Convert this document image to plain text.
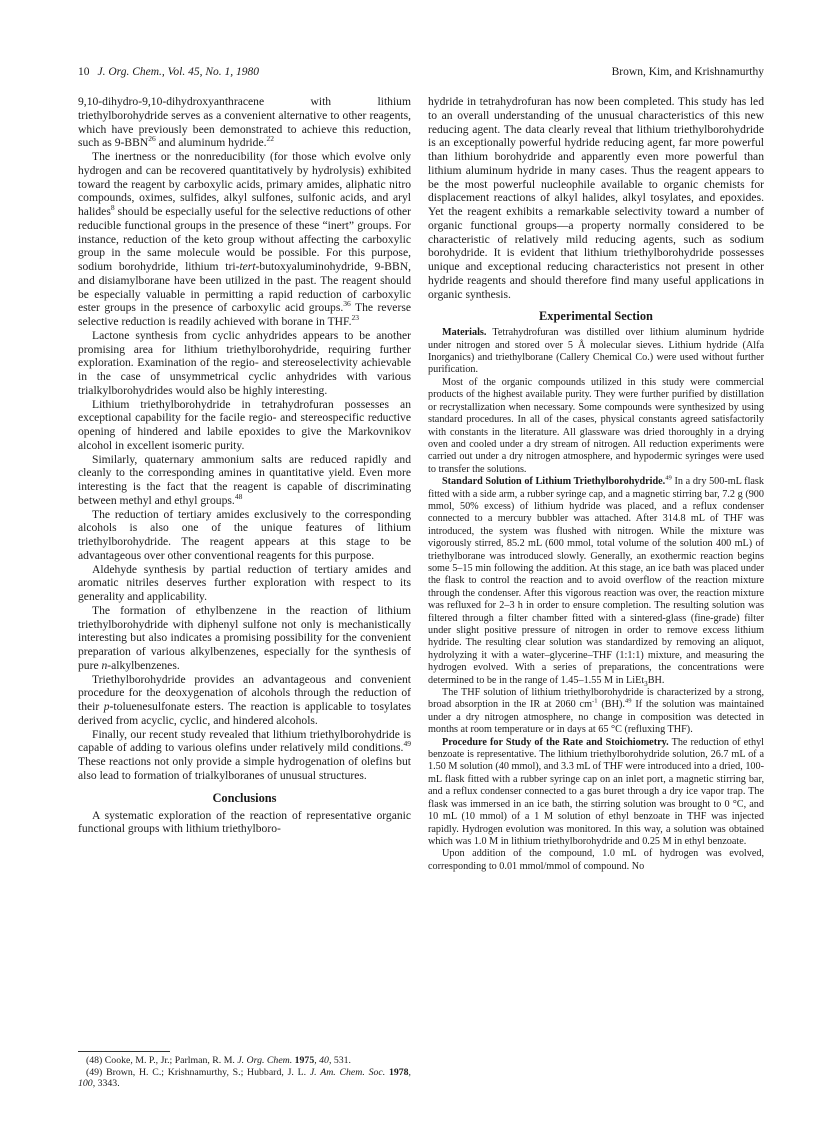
10 J. Org. Chem., Vol. 45, No. 1, 1980	Brown, Kim, and Krishnamurthy

9,10-dihydro-9,10-dihydroxyanthracene with lithium triethylborohydride serves as a convenient alternative to other reagents, which have previously been demonstrated to achieve this reduction, such as 9-BBN$^{26}$ and aluminum hydride.$^{22}$

The inertness or the nonreducibility (for those which evolve only hydrogen and can be recovered quantitatively by hydrolysis) exhibited toward the reagent by carboxylic acids, primary amides, aliphatic nitro compounds, oximes, sulfides, alkyl sulfones, sulfonic acids, and aryl halides$^8$ should be especially useful for the selective reductions of other reducible functional groups in the presence of these “inert” groups. For instance, reduction of the keto group without affecting the carboxylic group in the same molecule would be possible. For this purpose, sodium borohydride, lithium tri-tert-butoxyaluminohydride, 9-BBN, and disiamylborane have been utilized in the past. The reagent should be especially valuable in permitting a rapid reduction of carboxylic ester groups in the presence of carboxylic acid groups.$^{36}$ The reverse selective reduction is readily achieved with borane in THF.$^{23}$

Lactone synthesis from cyclic anhydrides appears to be another promising area for lithium triethylborohydride, requiring further exploration. Examination of the regio- and stereoselectivity achievable in the case of unsymmetrical cyclic anhydrides with various trialkylborohydrides would also be highly interesting.

Lithium triethylborohydride in tetrahydrofuran possesses an exceptional capability for the facile regio- and stereospecific reductive opening of hindered and labile epoxides to give the Markovnikov alcohol in excellent isomeric purity.

Similarly, quaternary ammonium salts are reduced rapidly and cleanly to the corresponding amines in quantitative yield. Even more interesting is the fact that the reagent is capable of discriminating between methyl and ethyl groups.$^{48}$

The reduction of tertiary amides exclusively to the corresponding alcohols is also one of the unique features of lithium triethylborohydride. The reagent appears at this stage to be advantageous over other conventional reagents for this purpose.

Aldehyde synthesis by partial reduction of tertiary amides and aromatic nitriles deserves further exploration with respect to its generality and applicability.

The formation of ethylbenzene in the reaction of lithium triethylborohydride with diphenyl sulfone not only is mechanistically interesting but also indicates a promising possibility for the convenient preparation of various alkylbenzenes, especially for the synthesis of pure n-alkylbenzenes.

Triethylborohydride provides an advantageous and convenient procedure for the deoxygenation of alcohols through the reduction of their p-toluenesulfonate esters. The reaction is applicable to tosylates derived from acyclic, cyclic, and hindered alcohols.

Finally, our recent study revealed that lithium triethylborohydride is capable of adding to various olefins under relatively mild conditions.$^{49}$ These reactions not only provide a simple hydrogenation of olefins but also lead to formation of trialkylboranes of unusual structures.

Conclusions

A systematic exploration of the reaction of representative organic functional groups with lithium triethylboro-

(48) Cooke, M. P., Jr.; Parlman, R. M. J. Org. Chem. 1975, 40, 531.

(49) Brown, H. C.; Krishnamurthy, S.; Hubbard, J. L. J. Am. Chem. Soc. 1978, 100, 3343.

hydride in tetrahydrofuran has now been completed. This study has led to an overall understanding of the unusual characteristics of this new reducing agent. The data clearly reveal that lithium triethylborohydride is an exceptionally powerful hydride reducing agent, far more powerful than lithium borohydride and apparently even more powerful than lithium aluminum hydride in many cases. Thus the reagent appears to be the most powerful nucleophile available to organic chemists for displacement reactions of alkyl halides, alkyl tosylates, and epoxides. Yet the reagent exhibits a remarkable selectivity toward a number of organic functional groups—a property normally considered to be characteristic of relatively mild reducing agents, such as sodium borohydride. It is evident that lithium triethylborohydride possesses unique and exceptional reducing characteristics not present in other hydride reagents and should therefore find many useful applications in organic synthesis.

Experimental Section

Materials. Tetrahydrofuran was distilled over lithium aluminum hydride under nitrogen and stored over 5 Å molecular sieves. Lithium hydride (Alfa Inorganics) and triethylborane (Callery Chemical Co.) were used without further purification.

Most of the organic compounds utilized in this study were commercial products of the highest available purity. They were further purified by distillation or recrystallization when necessary. Some compounds were synthesized by using standard procedures. In all of the cases, physical constants agreed satisfactorily with constants in the literature. All glassware was dried thoroughly in a drying oven and cooled under a dry stream of nitrogen. All reduction experiments were carried out under a dry nitrogen atmosphere, and hypodermic syringes were used to transfer the solutions.

Standard Solution of Lithium Triethylborohydride.$^{49}$ In a dry 500-mL flask fitted with a side arm, a rubber syringe cap, and a magnetic stirring bar, 7.2 g (900 mmol, 50% excess) of lithium hydride was placed, and a reflux condenser connected to a mercury bubbler was attached. After 314.8 mL of THF was introduced, the system was flushed with nitrogen. While the mixture was vigorously stirred, 85.2 mL (600 mmol, total volume of the solution 400 mL) of triethylborane was introduced slowly. Generally, an exothermic reaction begins some 5–15 min following the addition. At this stage, an ice bath was placed under the flask to control the reaction and to avoid overflow of the reaction mixture through the condenser. After this vigorous reaction was over, the reaction mixture was refluxed for 2–3 h in order to ensure completion. The resulting solution was filtered through a filter chamber fitted with a sintered-glass (fine-grade) filter under slight positive pressure of nitrogen in order to remove excess lithium hydride. The resulting clear solution was standardized by removing an aliquot, hydrolyzing it with a water–glycerine–THF (1:1:1) mixture, and measuring the hydrogen evolved. With a series of preparations, the concentrations were determined to be in the range of 1.45–1.55 M in LiEt$_3$BH.

The THF solution of lithium triethylborohydride is characterized by a strong, broad absorption in the IR at 2060 $cm^{-1}$ (BH).$^{49}$ If the solution was maintained under a dry nitrogen atmosphere, no change in composition was detected in months at room temperature or in days at 65 °C (refluxing THF).

Procedure for Study of the Rate and Stoichiometry. The reduction of ethyl benzoate is representative. The lithium triethylborohydride solution, 26.7 mL of a 1.50 M solution (40 mmol), and 3.3 mL of THF were introduced into a dried, 100-mL flask fitted with a rubber syringe cap on an inlet port, a magnetic stirring bar, and a reflux condenser connected to a gas buret through a dry ice vapor trap. The flask was immersed in an ice bath, the stirring solution was brought to 0 °C, and 10 mL (10 mmol) of a 1 M solution of ethyl benzoate in THF was injected rapidly. Hydrogen evolution was monitored. In this way, a solution was obtained which was 1.0 M in lithium triethylborohydride and 0.25 M in ethyl benzoate.

Upon addition of the compound, 1.0 mL of hydrogen was evolved, corresponding to 0.01 mmol/mmol of compound. No
